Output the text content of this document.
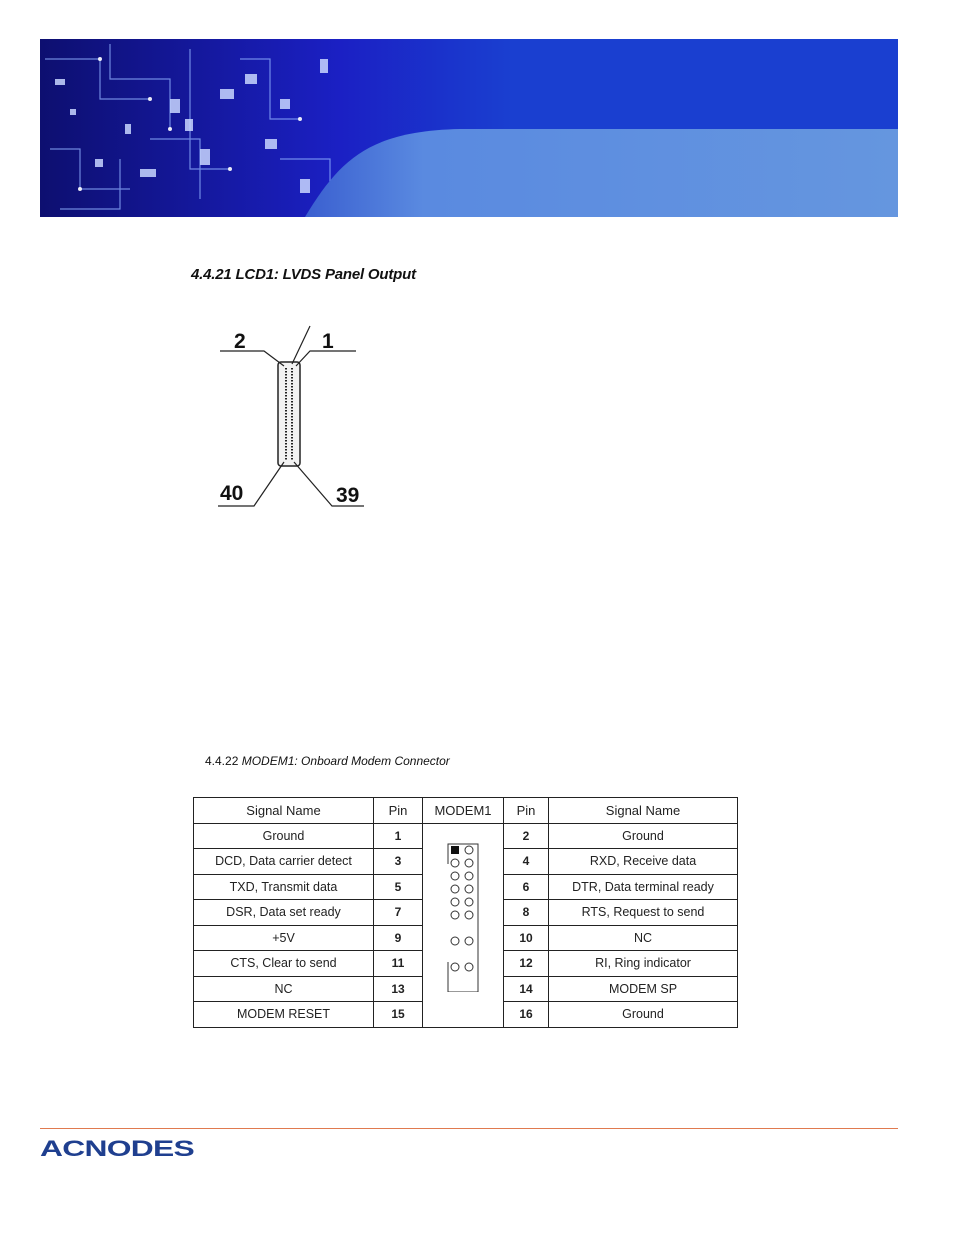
4.4.21 LCD1: LVDS Panel Output
2	1
40	39
4.4.22 MODEM1: Onboard Modem Connector
Signal Name	Pin	MODEM1	Pin	Signal Name
Ground	1		2	Ground
DCD, Data carrier detect	3		4	RXD, Receive data
TXD, Transmit data	5		6	DTR, Data terminal ready
DSR, Data set ready	7		8	RTS, Request to send
+5V	9		10	NC
CTS, Clear to send	11		12	RI, Ring indicator
NC	13		14	MODEM SP
MODEM RESET	15		16	Ground
ACNODES
